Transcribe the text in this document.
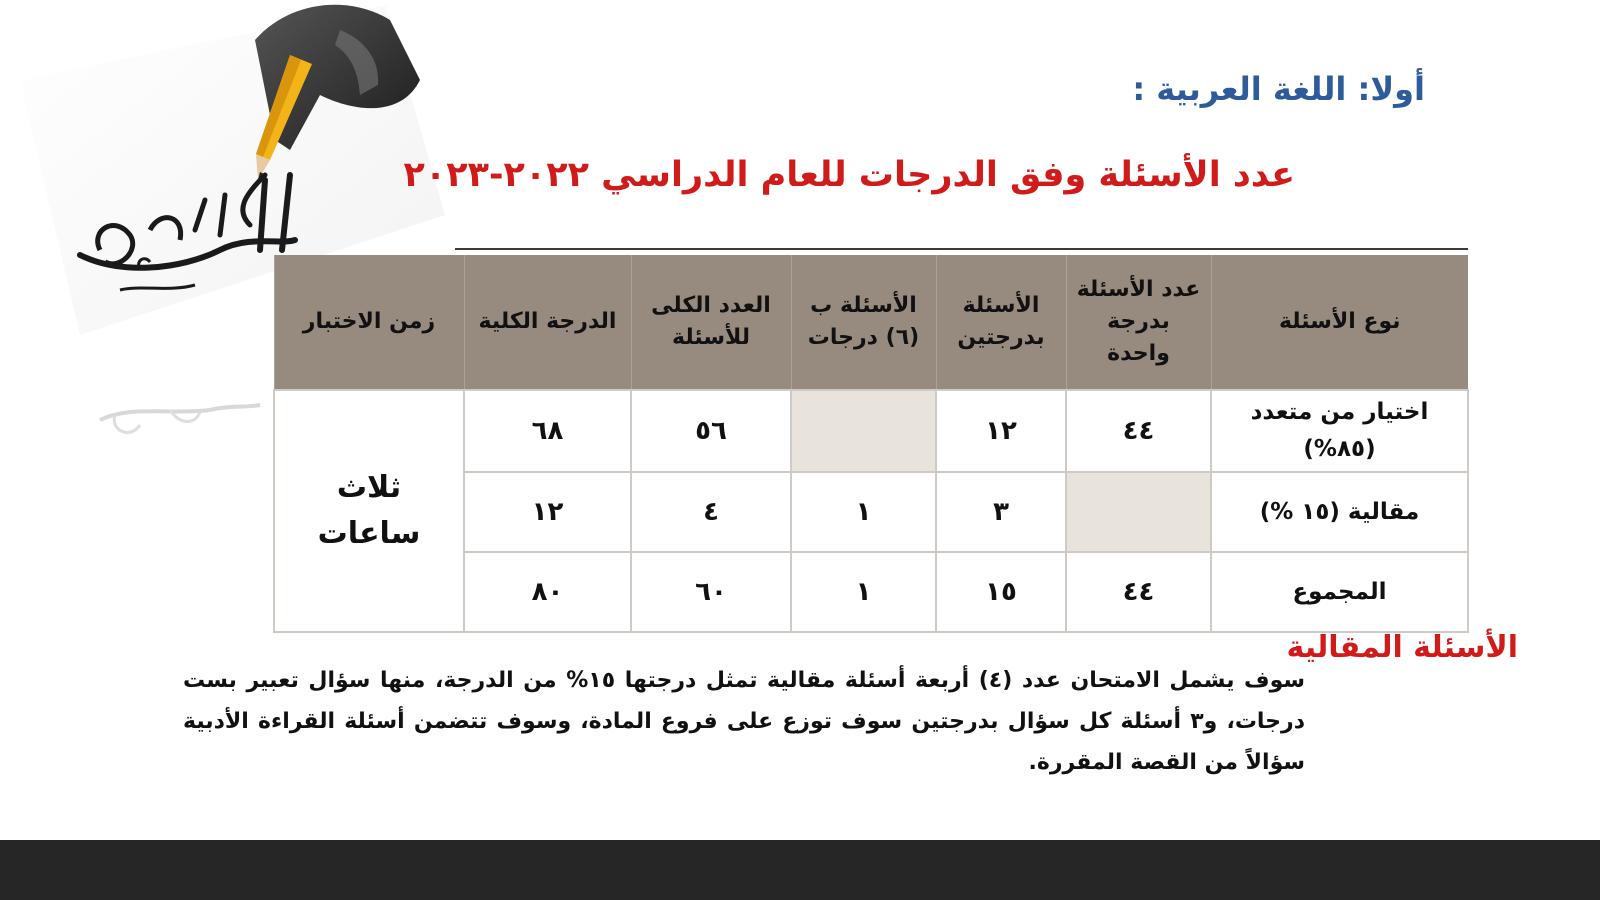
أولا: اللغة العربية :
عدد الأسئلة وفق الدرجات للعام الدراسي ٢٠٢٢-٢٠٢٣
نوع الأسئلة	عدد الأسئلة بدرجة واحدة	الأسئلة بدرجتين	الأسئلة ب (٦) درجات	العدد الكلى للأسئلة	الدرجة الكلية	زمن الاختبار
اختيار من متعدد (٨٥%)	٤٤	١٢		٥٦	٦٨	ثلاث ساعات
مقالية (١٥ %)		٣	١	٤	١٢	
المجموع	٤٤	١٥	١	٦٠	٨٠	
الأسئلة المقالية
سوف يشمل الامتحان عدد (٤) أربعة أسئلة مقالية تمثل درجتها ١٥% من الدرجة، منها سؤال تعبير بست درجات، و٣ أسئلة كل سؤال بدرجتين سوف توزع على فروع المادة، وسوف تتضمن أسئلة القراءة الأدبية سؤالاً من القصة المقررة.
